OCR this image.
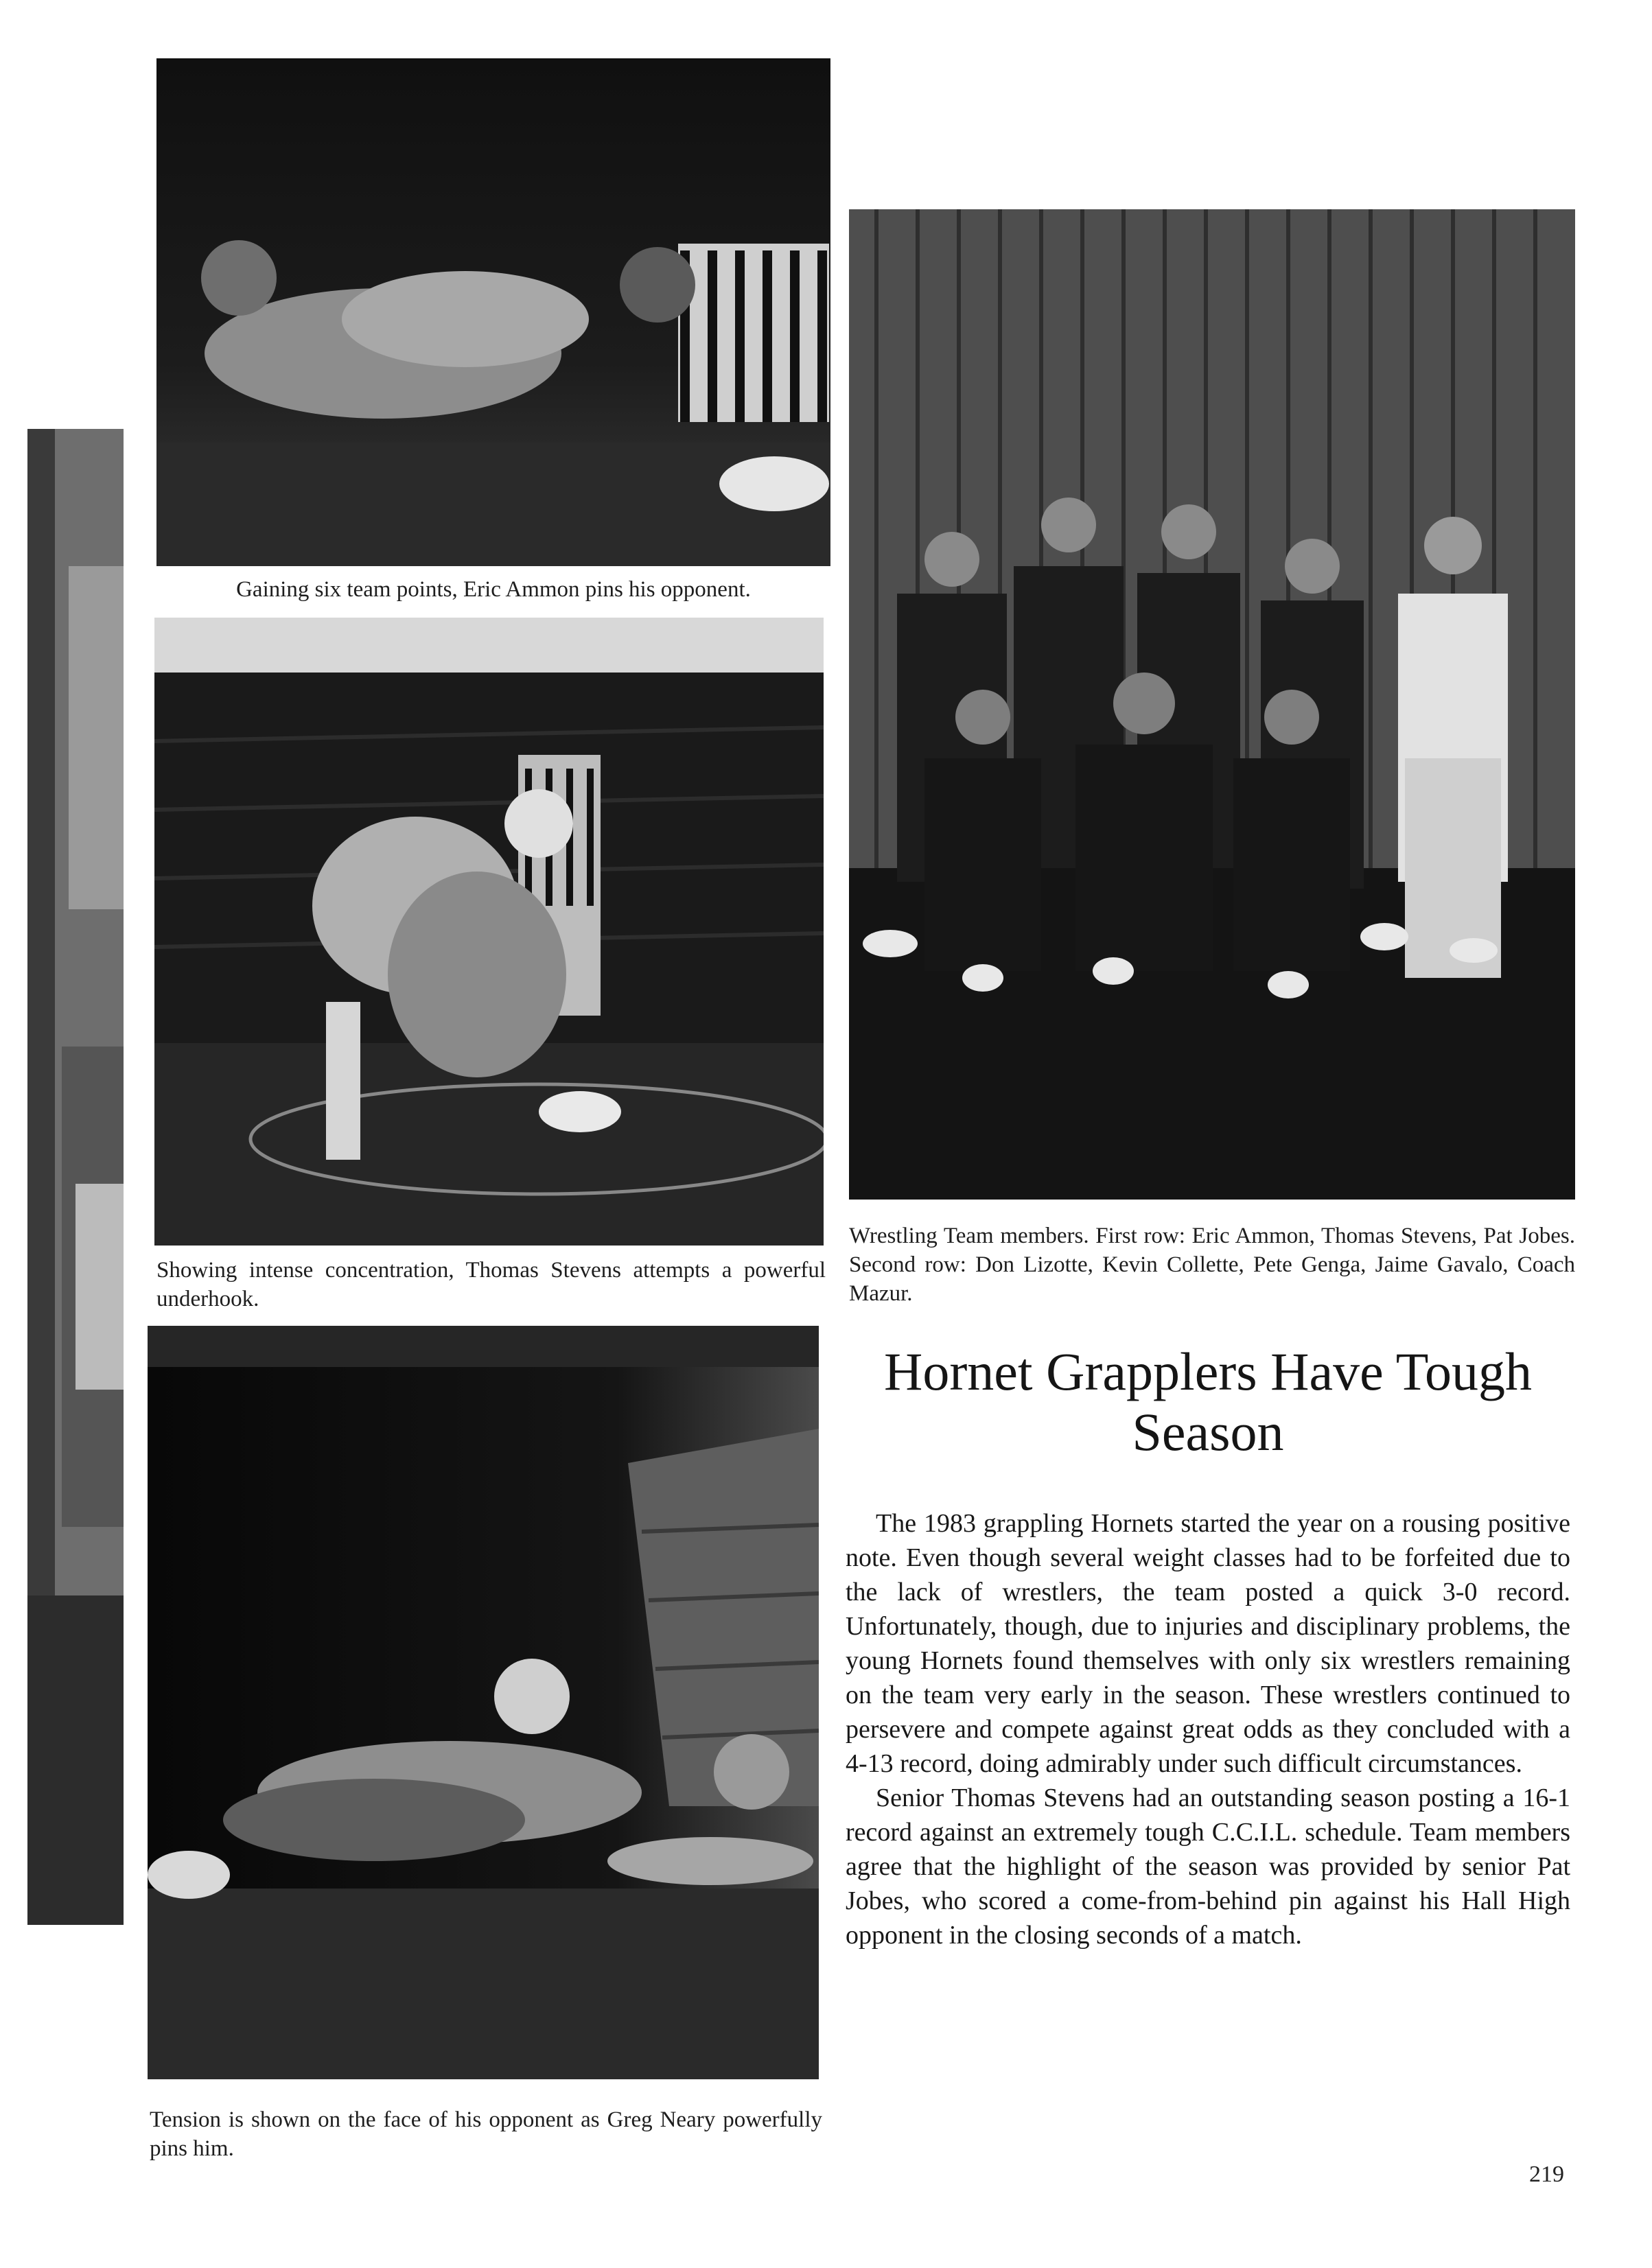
Gaining six team points, Eric Ammon pins his opponent.

Showing intense concentration, Thomas Stevens attempts a powerful underhook.

Wrestling Team members. First row: Eric Ammon, Thomas Stevens, Pat Jobes. Second row: Don Lizotte, Kevin Collette, Pete Genga, Jaime Gavalo, Coach Mazur.

Hornet Grapplers Have Tough Season

The 1983 grappling Hornets started the year on a rousing positive note. Even though several weight classes had to be forfeited due to the lack of wrestlers, the team posted a quick 3-0 record. Unfortunately, though, due to injuries and disciplinary problems, the young Hornets found themselves with only six wrestlers remaining on the team very early in the season. These wrestlers continued to persevere and compete against great odds as they concluded with a 4-13 record, doing admirably under such difficult circumstances.

Senior Thomas Stevens had an outstanding season posting a 16-1 record against an extremely tough C.C.I.L. schedule. Team members agree that the highlight of the season was provided by senior Pat Jobes, who scored a come-from-behind pin against his Hall High opponent in the closing seconds of a match.

Tension is shown on the face of his opponent as Greg Neary powerfully pins him.

219
